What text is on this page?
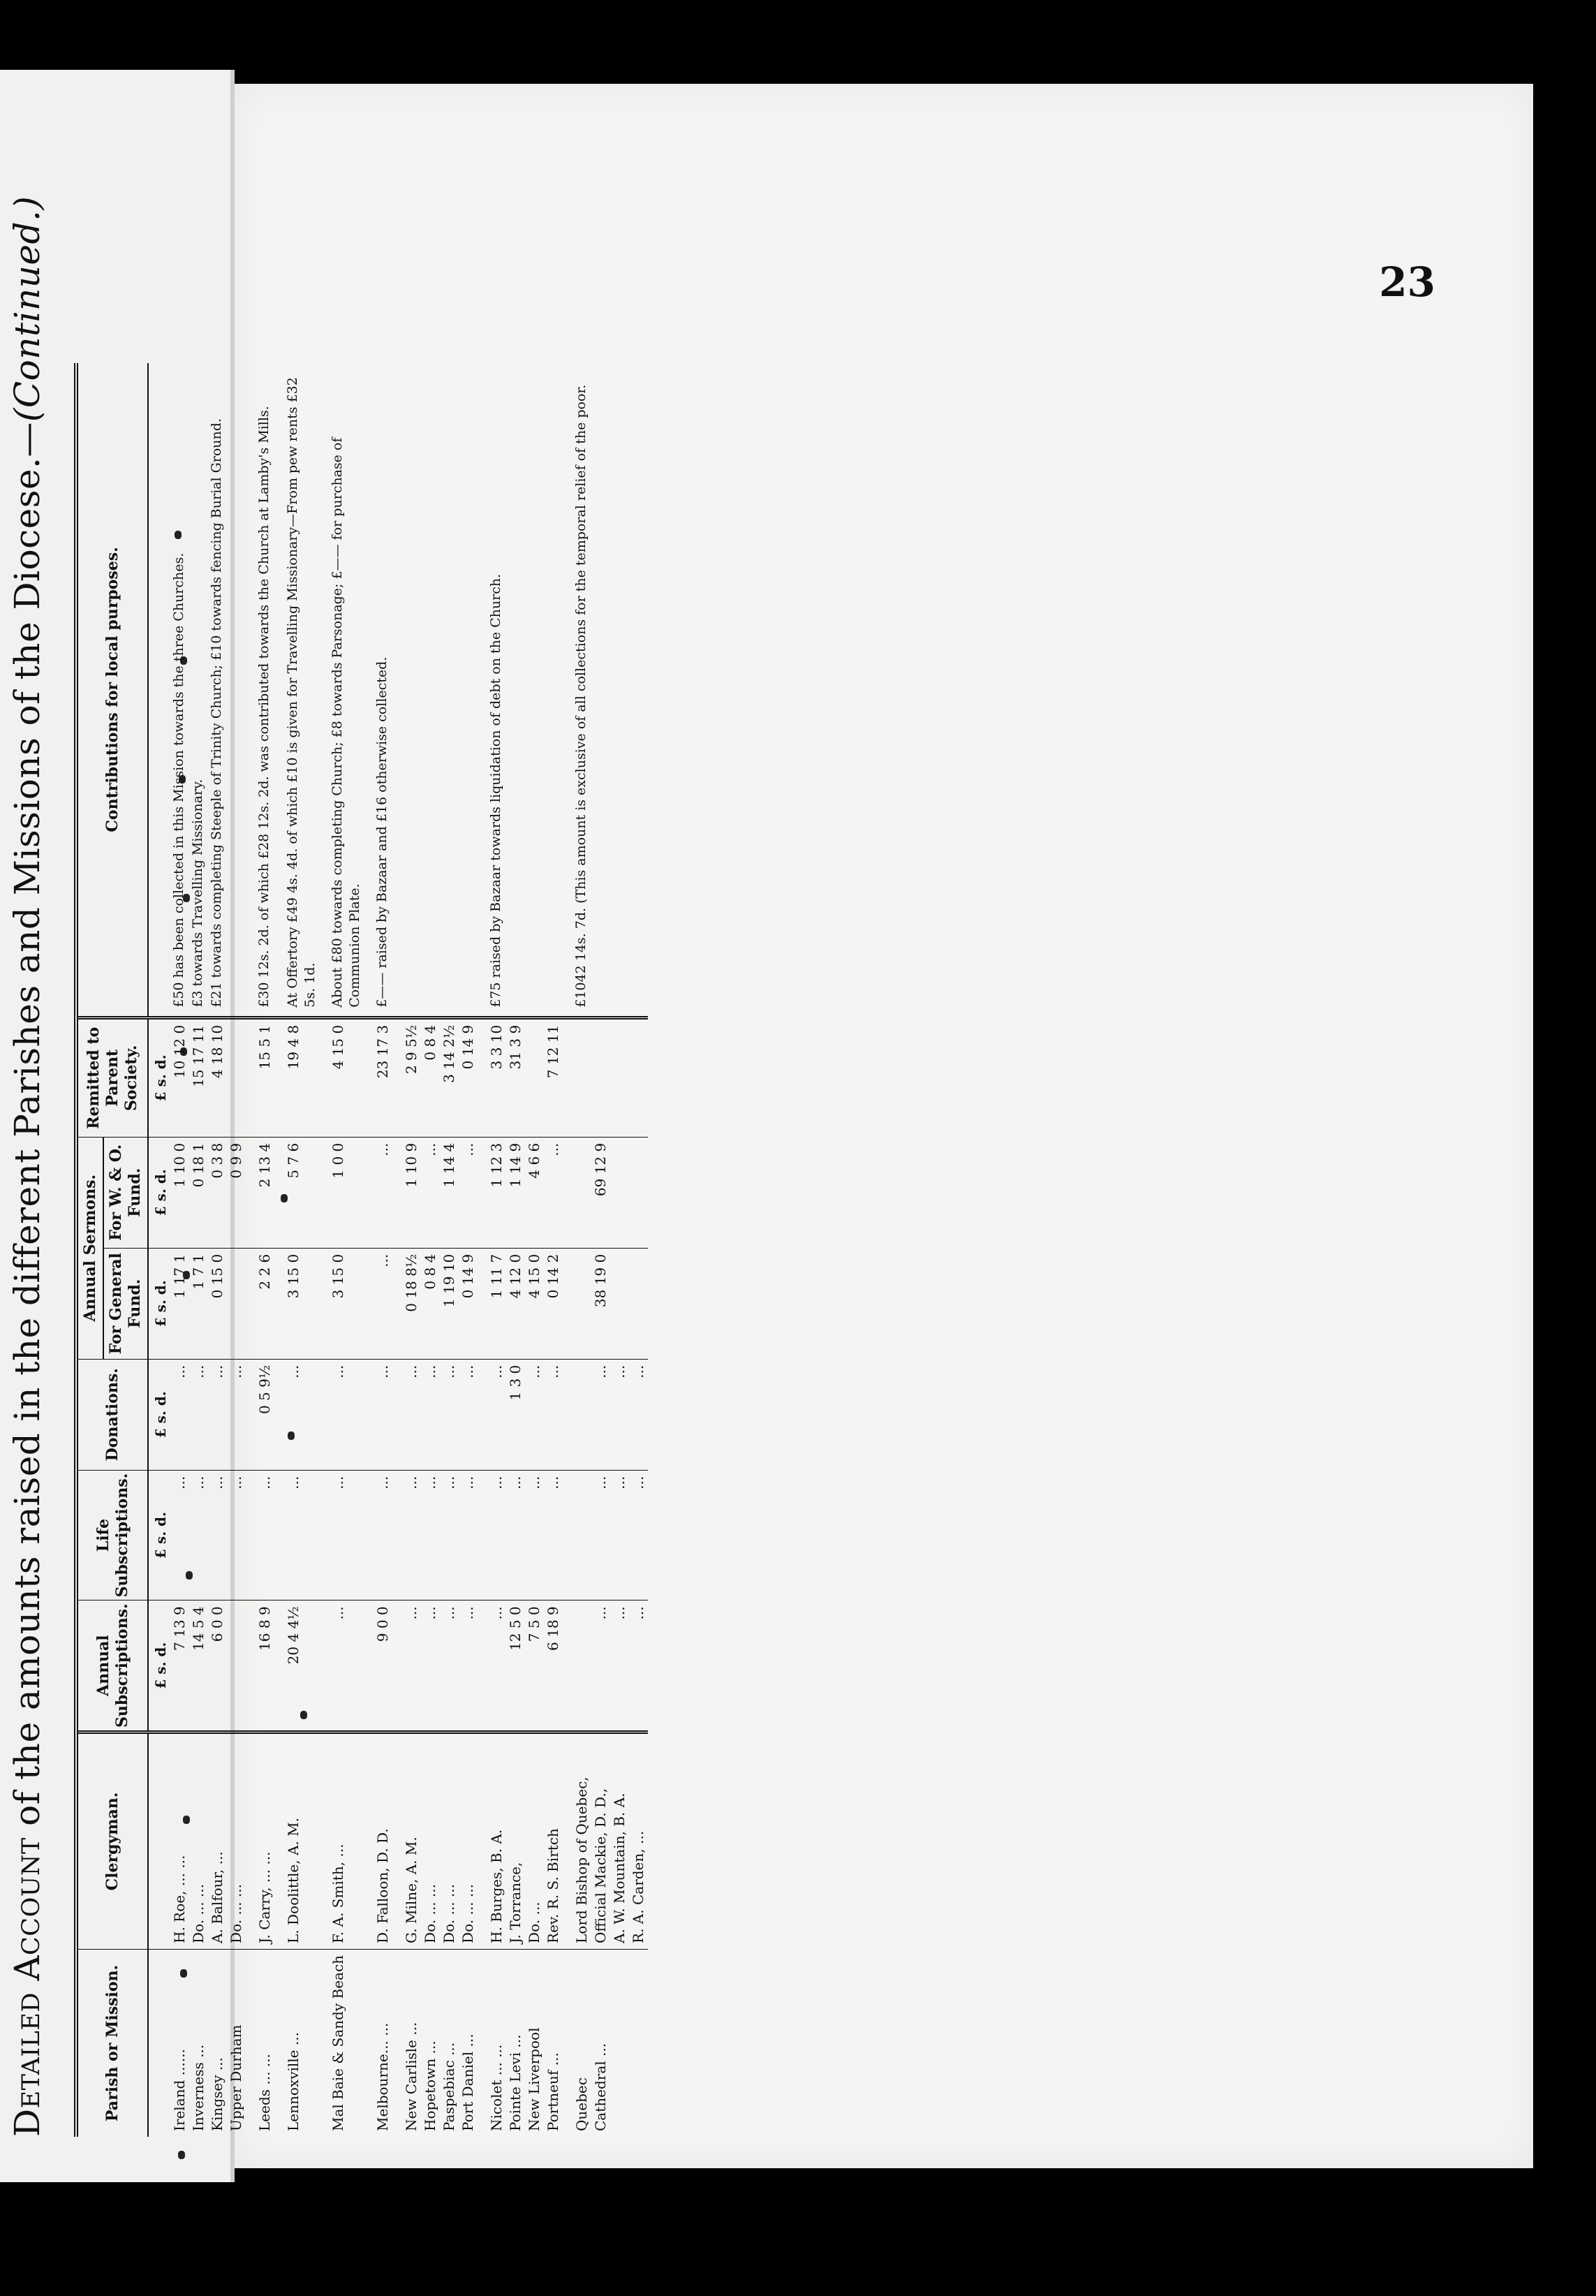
23
Detailed Account of the amounts raised in the different Parishes and Missions of the Diocese.—(Continued.)
Parish or Mission.	Clergyman.	Annual Subscriptions.	Life Subscriptions.	Donations.	Annual Sermons.		Remitted to Parent Society.	Contributions for local purposes.
					For General Fund.	For W. & O. Fund.		
		£ s. d.	£ s. d.	£ s. d.	£ s. d.	£ s. d.	£ s. d.	
Ireland ......	H. Roe, ... ...	7 13 9	...	...	1 17 1	1 10 0	10 12 0	£50 has been collected in this Mission towards the three Churches.
Inverness ...	Do. ... ...	14 5 4	...	...	1 7 1	0 18 1	15 17 11	£3 towards Travelling Missionary.
Kingsey ...	A. Balfour, ...	6 0 0	...	...	0 15 0	0 3 8	4 18 10	£21 towards completing Steeple of Trinity Church; £10 towards fencing Burial Ground.
Upper Durham	Do. ... ...		...	...		0 9 9		

Leeds ... ...	J. Carry, ... ...	16 8 9	...	0 5 9½	2 2 6	2 13 4	15 5 1	£30 12s. 2d. of which £28 12s. 2d. was contributed towards the Church at Lamby's Mills.

Lennoxville ...	L. Doolittle, A. M.	20 4 4½	...	...	3 15 0	5 7 6	19 4 8	At Offertory £49 4s. 4d. of which £10 is given for Travelling Missionary—From pew rents £32 5s. 1d.

Mal Baie & Sandy Beach	F. A. Smith, ...	...	...	...	3 15 0	1 0 0	4 15 0	About £80 towards completing Church; £8 towards Parsonage; £—— for purchase of Communion Plate.

Melbourne... ...	D. Falloon, D. D.	9 0 0	...	...	...	...	23 17 3	£—— raised by Bazaar and £16 otherwise collected.

New Carlisle ...	G. Milne, A. M.	...	...	...	0 18 8½	1 10 9	2 9 5½	
Hopetown ...	Do. ... ...	...	...	...	0 8 4	...	0 8 4	
Paspebiac ...	Do. ... ...	...	...	...	1 19 10	1 14 4	3 14 2½	
Port Daniel ...	Do. ... ...	...	...	...	0 14 9	...	0 14 9	

Nicolet ... ...	H. Burges, B. A.	...	...	...	1 11 7	1 12 3	3 3 10	£75 raised by Bazaar towards liquidation of debt on the Church.
Pointe Levi ...	J. Torrance,	12 5 0	...	1 3 0	4 12 0	1 14 9	31 3 9	
New Liverpool	Do. ...	7 5 0	...	...	4 15 0	4 6 6		
Portneuf ...	Rev. R. S. Birtch	6 18 9	...	...	0 14 2	...	7 12 11	

Quebec	Lord Bishop of Quebec,							£1042 14s. 7d. (This amount is exclusive of all collections for the temporal relief of the poor.
Cathedral ...	Official Mackie, D. D.,	...	...	...	38 19 0	69 12 9		
	A. W. Mountain, B. A.	...	...	...				
	R. A. Carden, ...	...	...	...				
